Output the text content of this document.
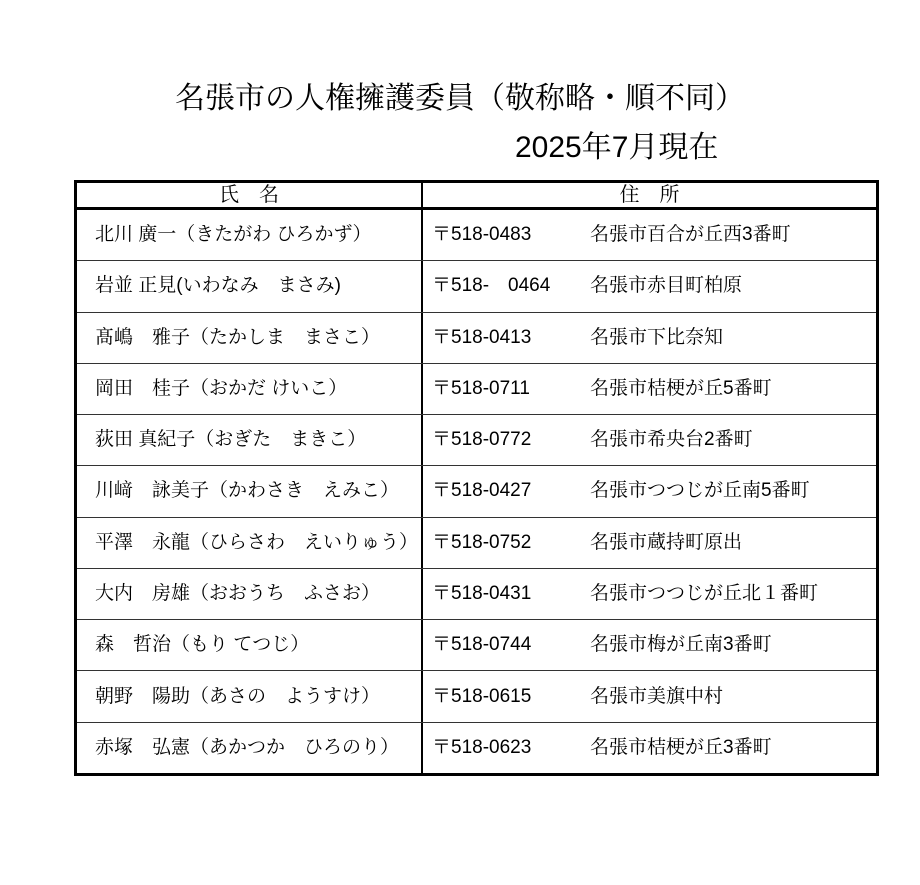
名張市の人権擁護委員（敬称略・順不同）
2025年7月現在
氏　名	住　所
北川 廣一（きたがわ ひろかず）	〒518-0483	名張市百合が丘西3番町
岩並 正見(いわなみ　まさみ)	〒518-　0464	名張市赤目町柏原
髙嶋　雅子（たかしま　まさこ）	〒518-0413	名張市下比奈知
岡田　桂子（おかだ けいこ）	〒518-0711	名張市桔梗が丘5番町
荻田 真紀子（おぎた　まきこ）	〒518-0772	名張市希央台2番町
川﨑　詠美子（かわさき　えみこ）	〒518-0427	名張市つつじが丘南5番町
平澤　永龍（ひらさわ　えいりゅう） 〒518-0752	名張市蔵持町原出
大内　房雄（おおうち　ふさお）	〒518-0431	名張市つつじが丘北１番町
森　哲治（もり てつじ）	〒518-0744	名張市梅が丘南3番町
朝野　陽助（あさの　ようすけ）	〒518-0615	名張市美旗中村
赤塚　弘憲（あかつか　ひろのり）	〒518-0623	名張市桔梗が丘3番町
